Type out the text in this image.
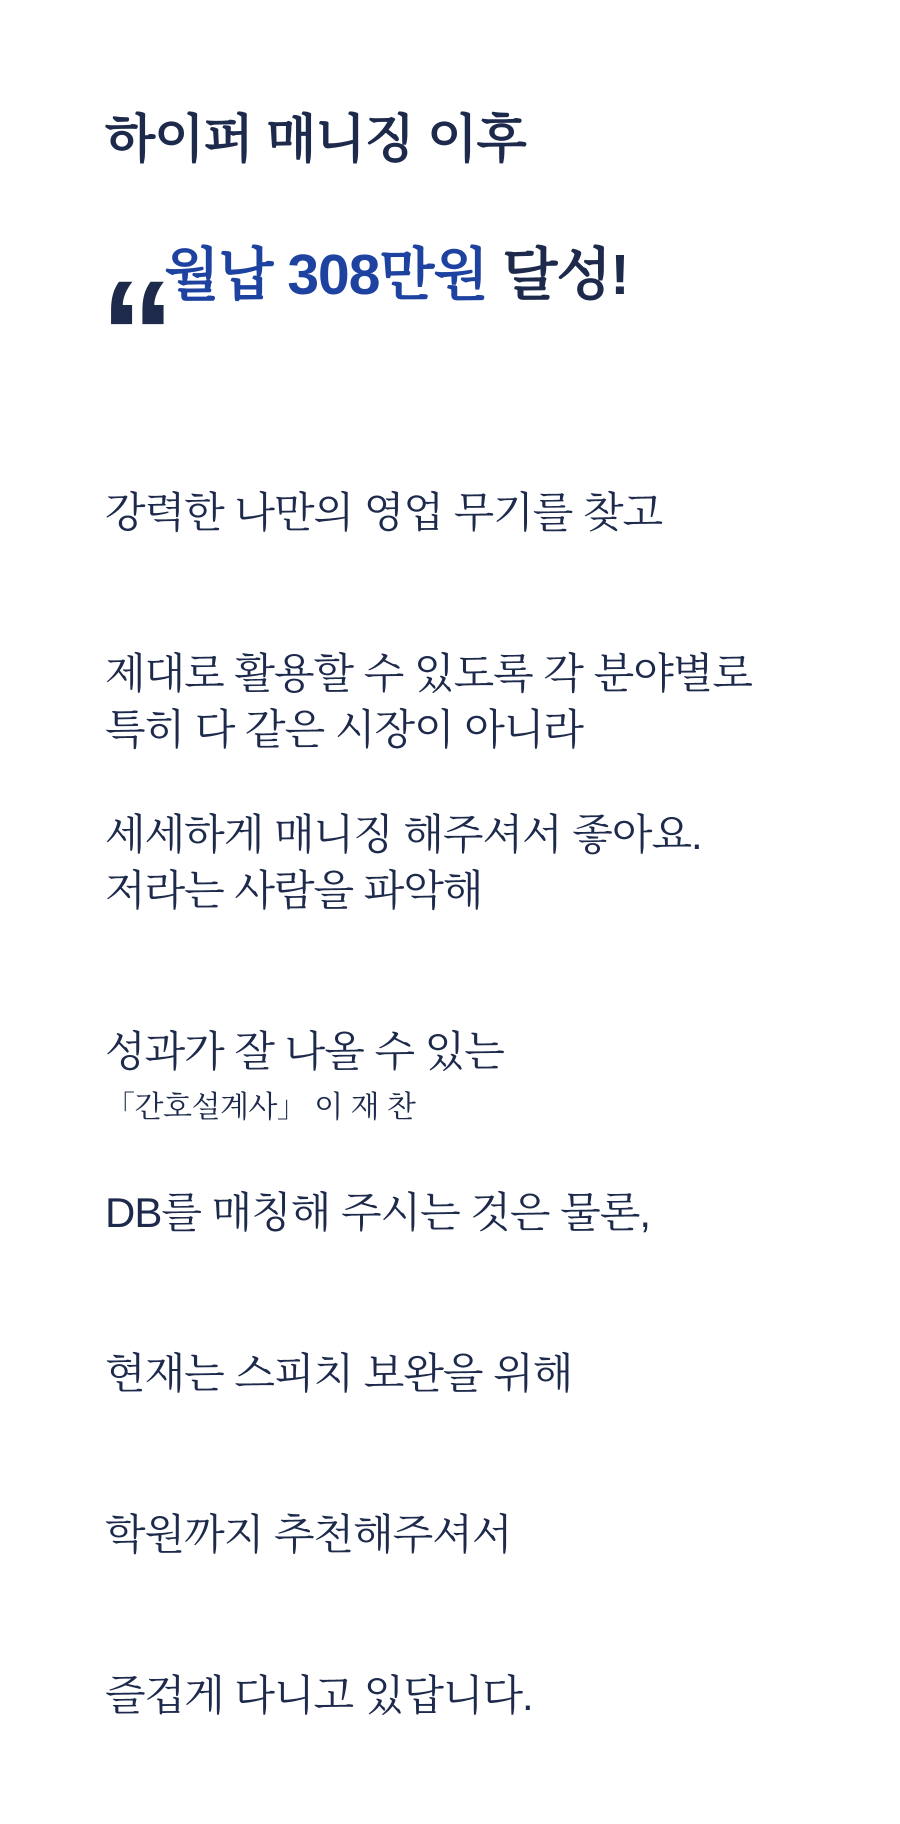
하이퍼 매니징 이후

월납 308만원 달성!

“

강력한 나만의 영업 무기를 찾고

제대로 활용할 수 있도록 각 분야별로

세세하게 매니징 해주셔서 좋아요.

특히 다 같은 시장이 아니라

저라는 사람을 파악해

성과가 잘 나올 수 있는

DB를 매칭해 주시는 것은 물론,

현재는 스피치 보완을 위해

학원까지 추천해주셔서

즐겁게 다니고 있답니다.

「간호설계사」 이 재 찬
